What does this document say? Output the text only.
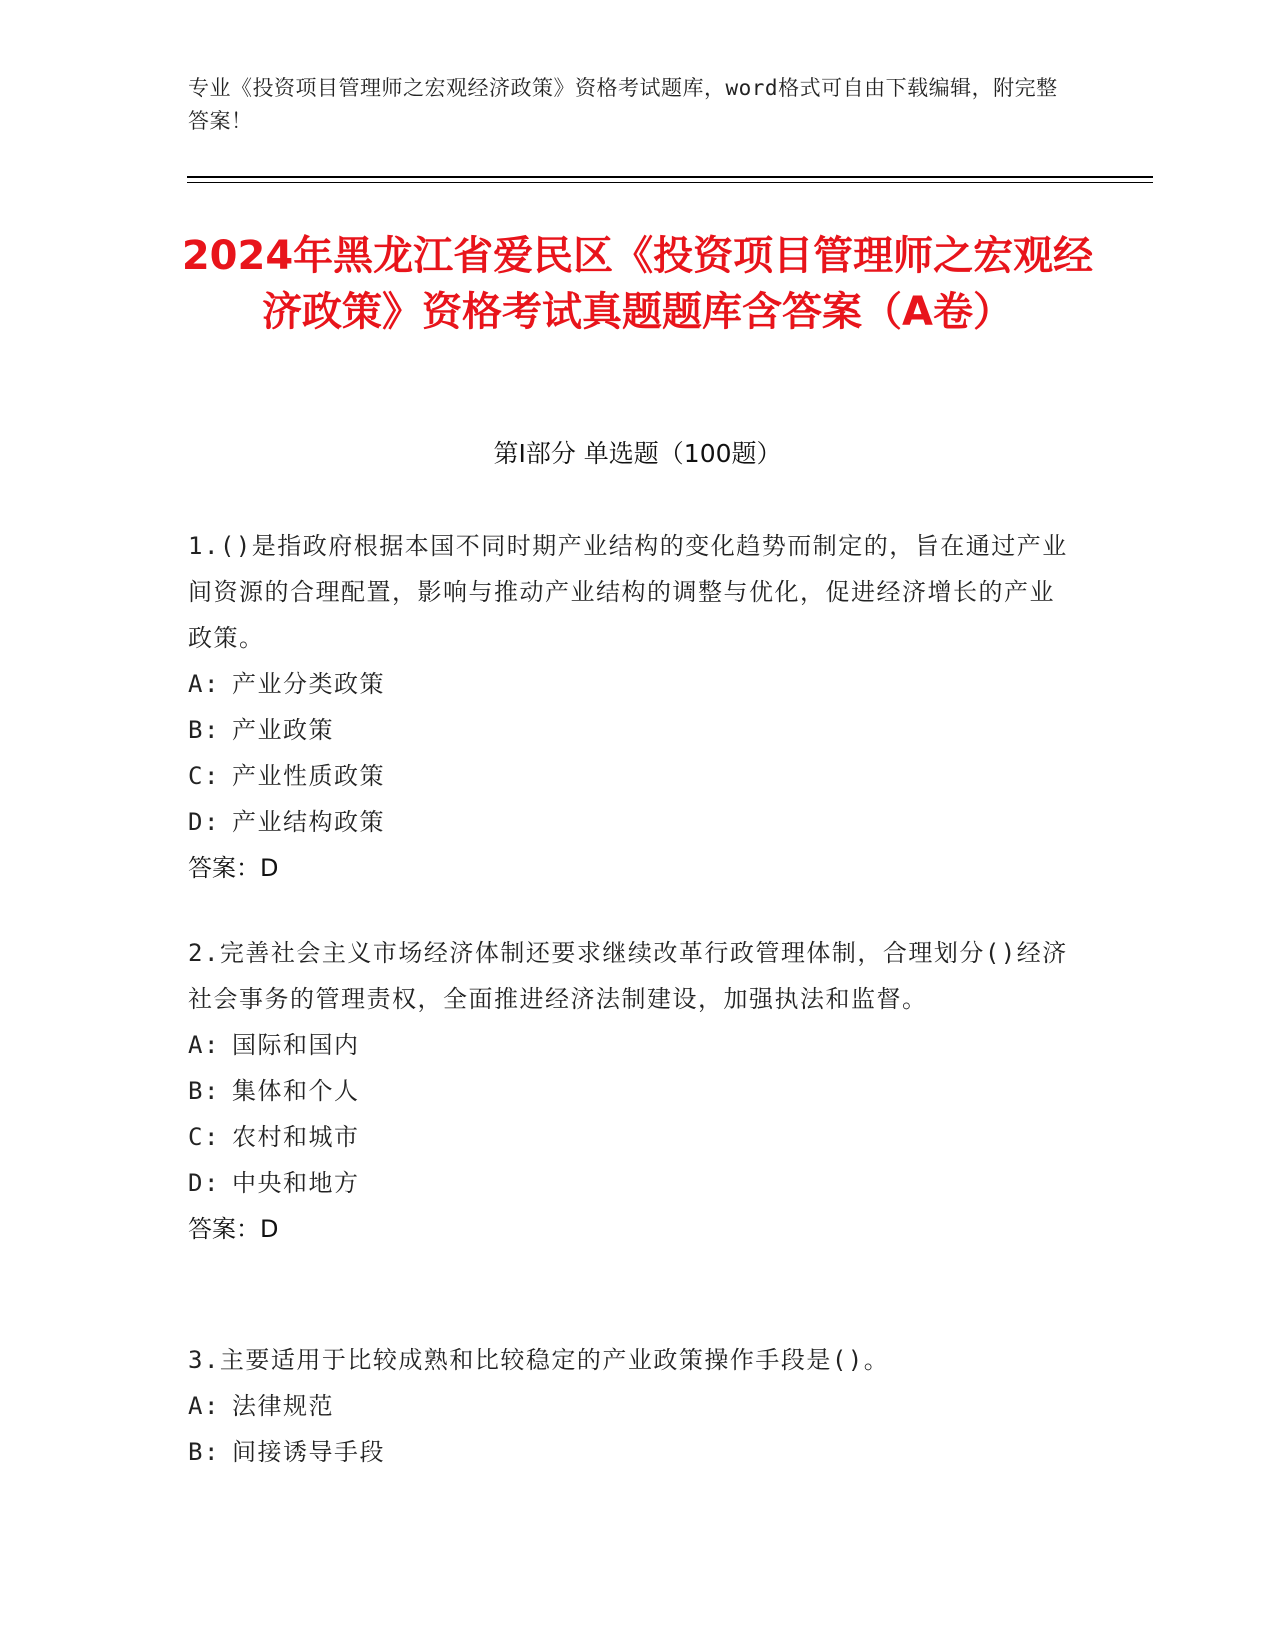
专业《投资项目管理师之宏观经济政策》资格考试题库，word格式可自由下载编辑，附完整答案！
2024年黑龙江省爱民区《投资项目管理师之宏观经济政策》资格考试真题题库含答案（A卷）
第Ⅰ部分 单选题（100题）
1.()是指政府根据本国不同时期产业结构的变化趋势而制定的，旨在通过产业间资源的合理配置，影响与推动产业结构的调整与优化，促进经济增长的产业政策。
A: 产业分类政策
B: 产业政策
C: 产业性质政策
D: 产业结构政策
答案：D
2.完善社会主义市场经济体制还要求继续改革行政管理体制，合理划分()经济社会事务的管理责权，全面推进经济法制建设，加强执法和监督。
A: 国际和国内
B: 集体和个人
C: 农村和城市
D: 中央和地方
答案：D
3.主要适用于比较成熟和比较稳定的产业政策操作手段是()。
A: 法律规范
B: 间接诱导手段
